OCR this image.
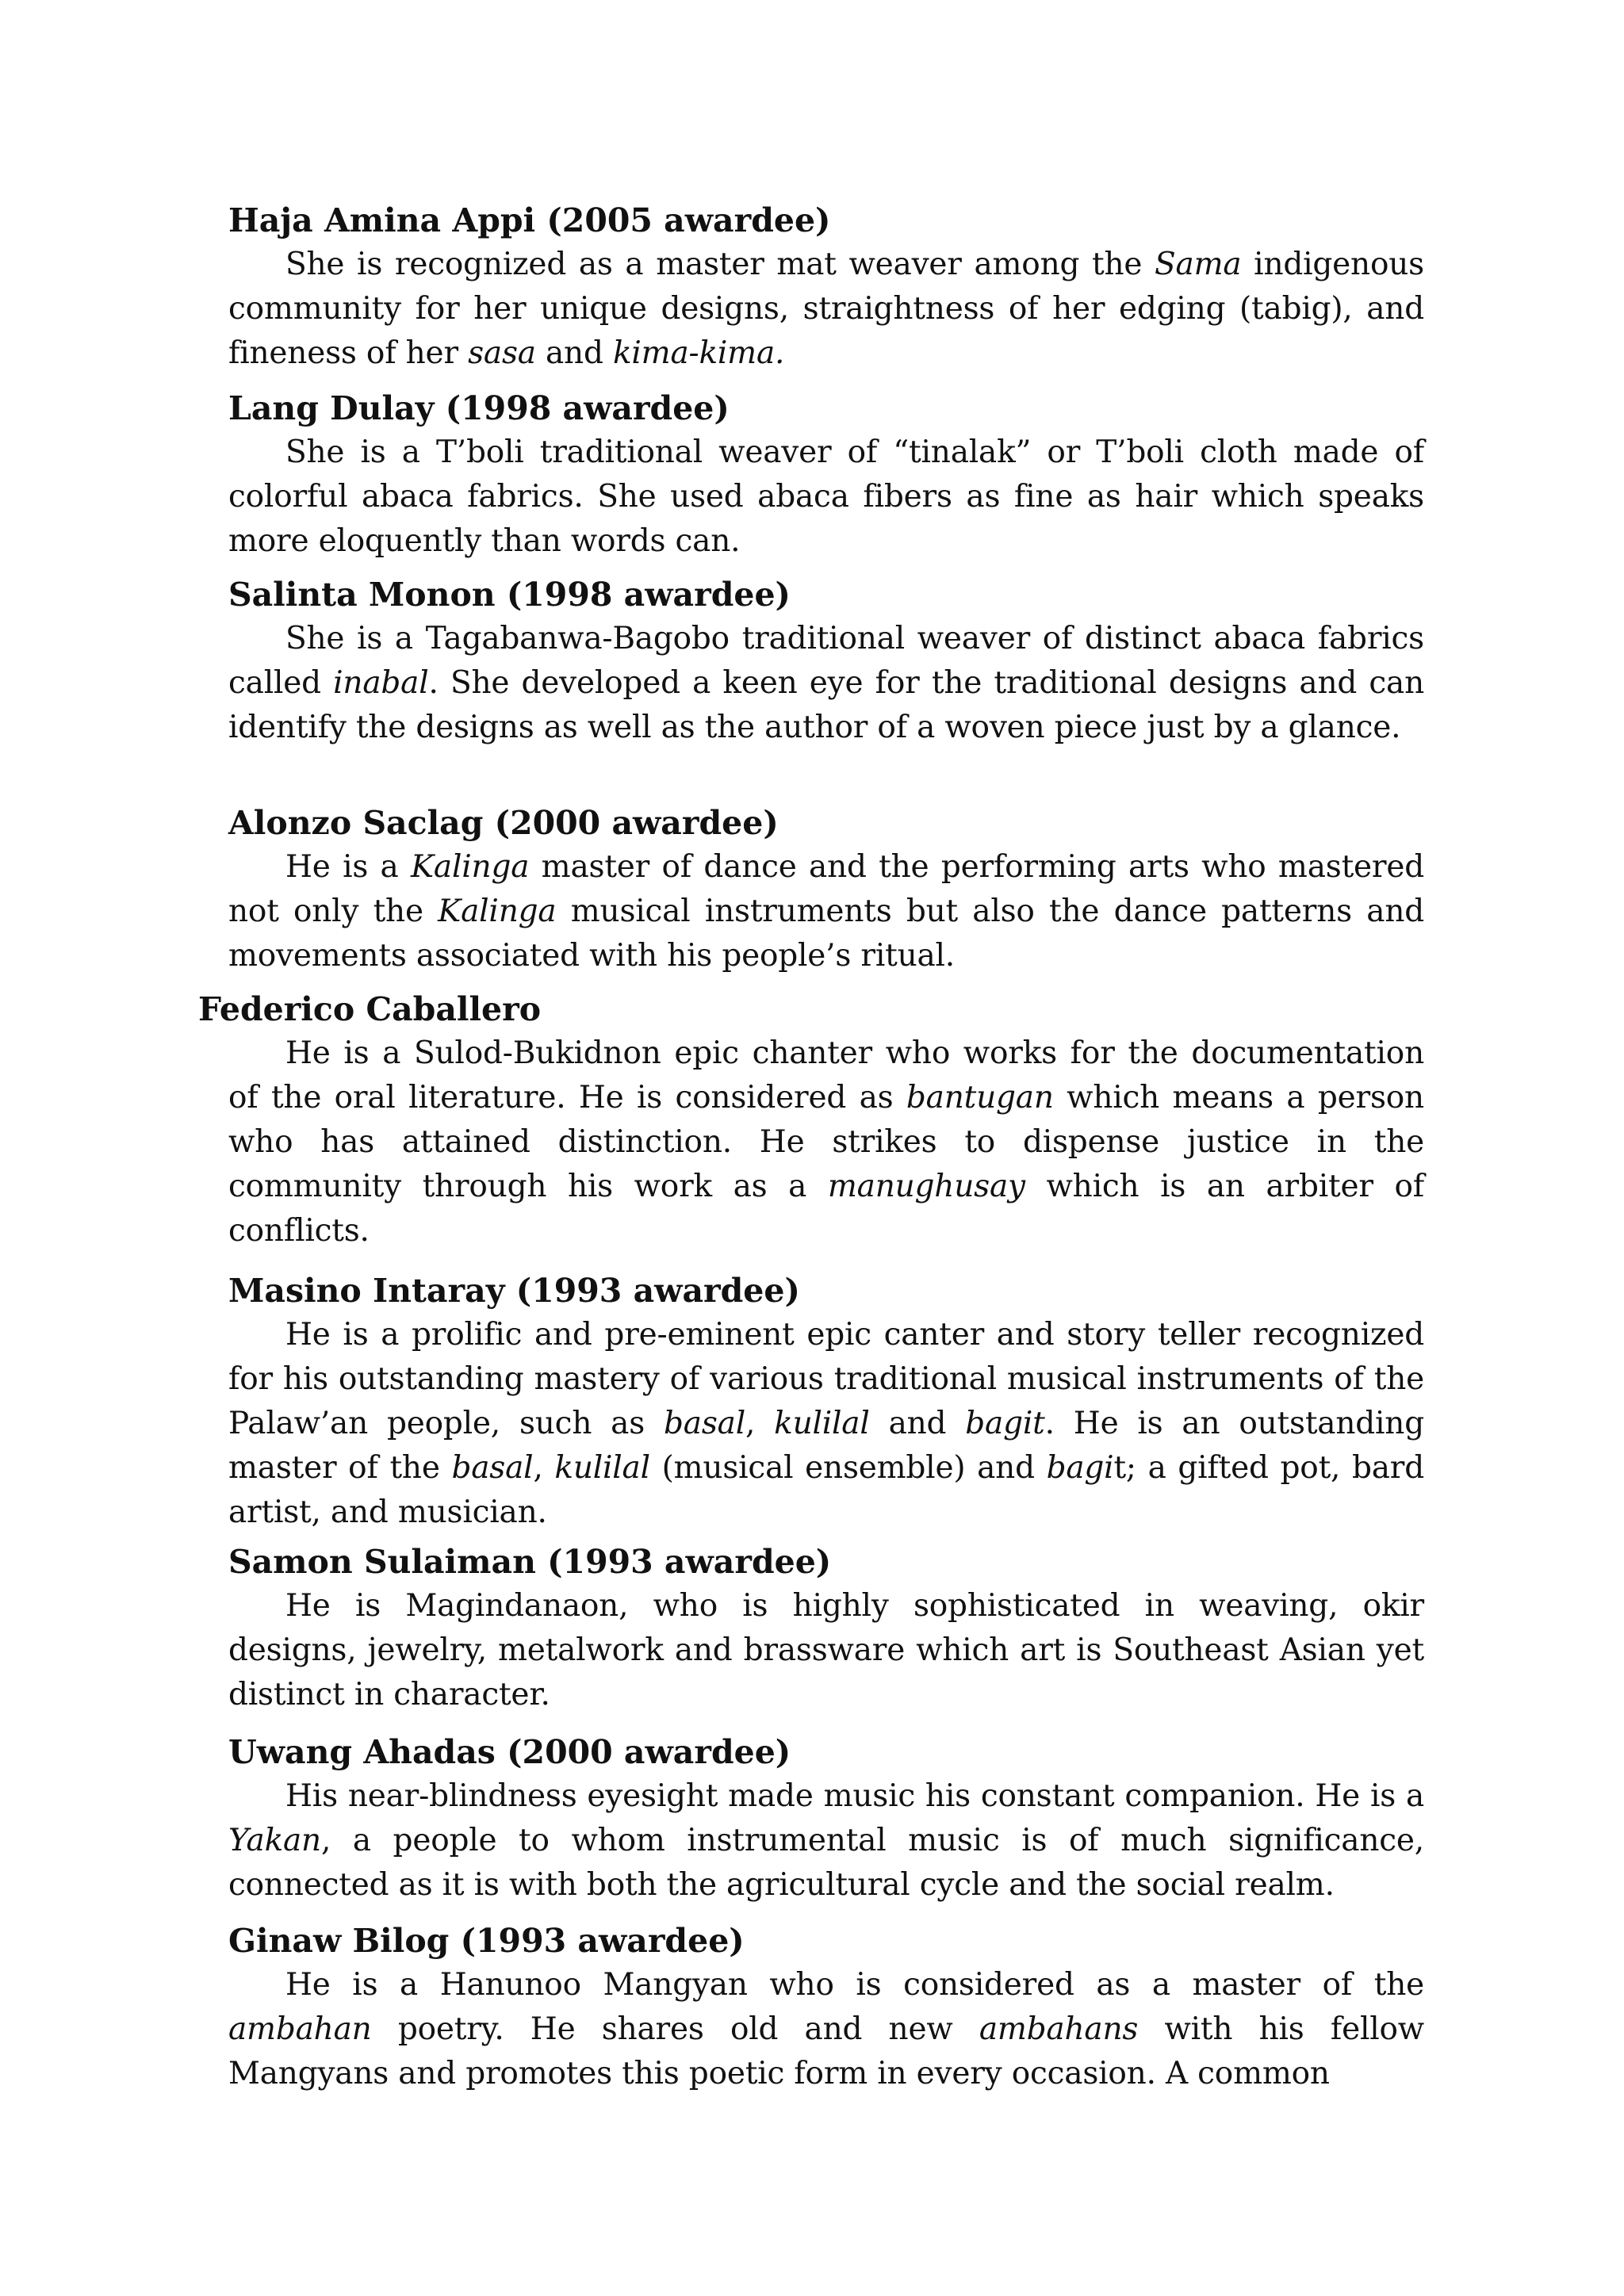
Haja Amina Appi (2005 awardee)

She is recognized as a master mat weaver among the Sama indigenous community for her unique designs, straightness of her edging (tabig), and fineness of her sasa and kima-kima.

Lang Dulay (1998 awardee)

She is a T’boli traditional weaver of “tinalak” or T’boli cloth made of colorful abaca fabrics. She used abaca fibers as fine as hair which speaks more eloquently than words can.

Salinta Monon (1998 awardee)

She is a Tagabanwa-Bagobo traditional weaver of distinct abaca fabrics called inabal. She developed a keen eye for the traditional designs and can identify the designs as well as the author of a woven piece just by a glance.

Alonzo Saclag (2000 awardee)

He is a Kalinga master of dance and the performing arts who mastered not only the Kalinga musical instruments but also the dance patterns and movements associated with his people’s ritual.

Federico Caballero

He is a Sulod-Bukidnon epic chanter who works for the documentation of the oral literature. He is considered as bantugan which means a person who has attained distinction. He strikes to dispense justice in the community through his work as a manughusay which is an arbiter of conflicts.

Masino Intaray (1993 awardee)

He is a prolific and pre-eminent epic canter and story teller recognized for his outstanding mastery of various traditional musical instruments of the Palaw’an people, such as basal, kulilal and bagit. He is an outstanding master of the basal, kulilal (musical ensemble) and bagit; a gifted pot, bard artist, and musician.

Samon Sulaiman (1993 awardee)

He is Magindanaon, who is highly sophisticated in weaving, okir designs, jewelry, metalwork and brassware which art is Southeast Asian yet distinct in character.

Uwang Ahadas (2000 awardee)

His near-blindness eyesight made music his constant companion. He is a Yakan, a people to whom instrumental music is of much significance, connected as it is with both the agricultural cycle and the social realm.

Ginaw Bilog (1993 awardee)

He is a Hanunoo Mangyan who is considered as a master of the ambahan poetry. He shares old and new ambahans with his fellow Mangyans and promotes this poetic form in every occasion. A common
